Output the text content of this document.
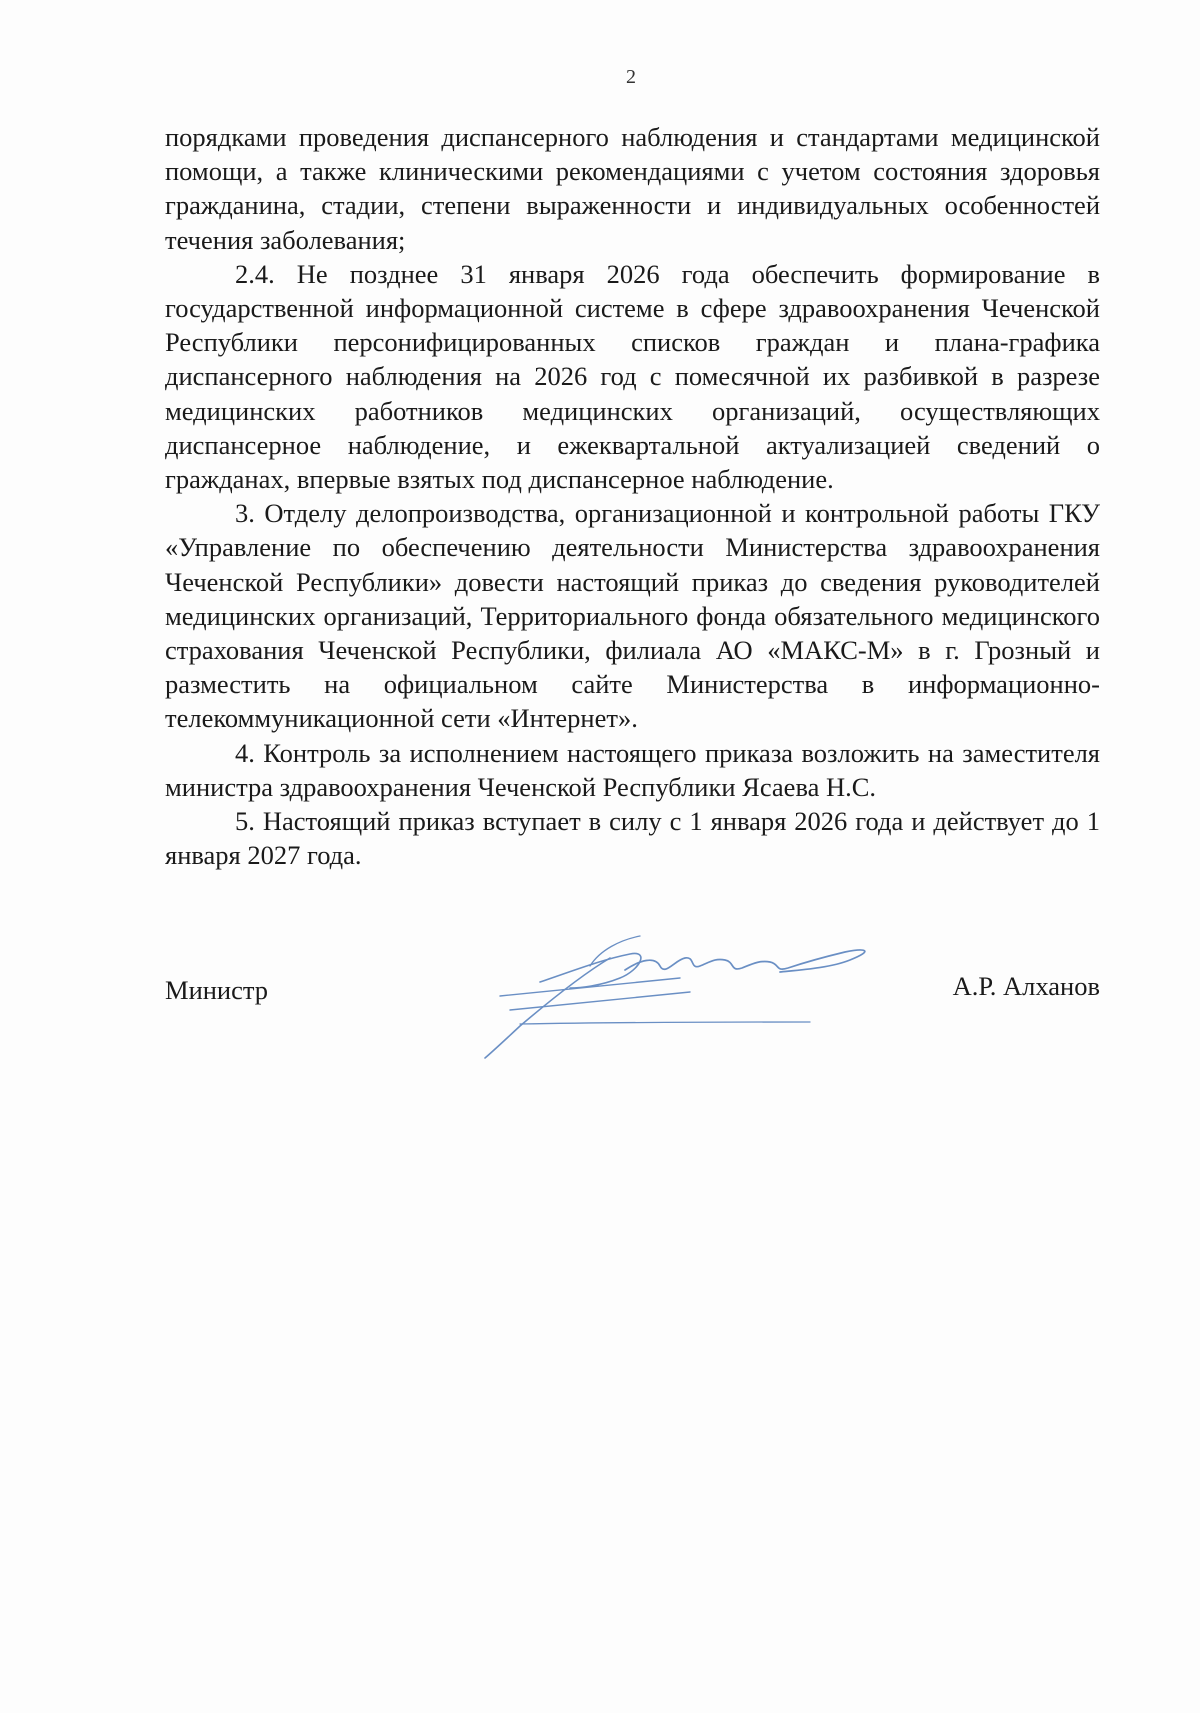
2

порядками проведения диспансерного наблюдения и стандартами медицинской помощи, а также клиническими рекомендациями с учетом состояния здоровья гражданина, стадии, степени выраженности и индивидуальных особенностей течения заболевания;

2.4. Не позднее 31 января 2026 года обеспечить формирование в государственной информационной системе в сфере здравоохранения Чеченской Республики персонифицированных списков граждан и плана-графика диспансерного наблюдения на 2026 год с помесячной их разбивкой в разрезе медицинских работников медицинских организаций, осуществляющих диспансерное наблюдение, и ежеквартальной актуализацией сведений о гражданах, впервые взятых под диспансерное наблюдение.

3. Отделу делопроизводства, организационной и контрольной работы ГКУ «Управление по обеспечению деятельности Министерства здравоохранения Чеченской Республики» довести настоящий приказ до сведения руководителей медицинских организаций, Территориального фонда обязательного медицинского страхования Чеченской Республики, филиала АО «МАКС-М» в г. Грозный и разместить на официальном сайте Министерства в информационно-телекоммуникационной сети «Интернет».

4. Контроль за исполнением настоящего приказа возложить на заместителя министра здравоохранения Чеченской Республики Ясаева Н.С.

5. Настоящий приказ вступает в силу с 1 января 2026 года и действует до 1 января 2027 года.

Министр	А.Р. Алханов
